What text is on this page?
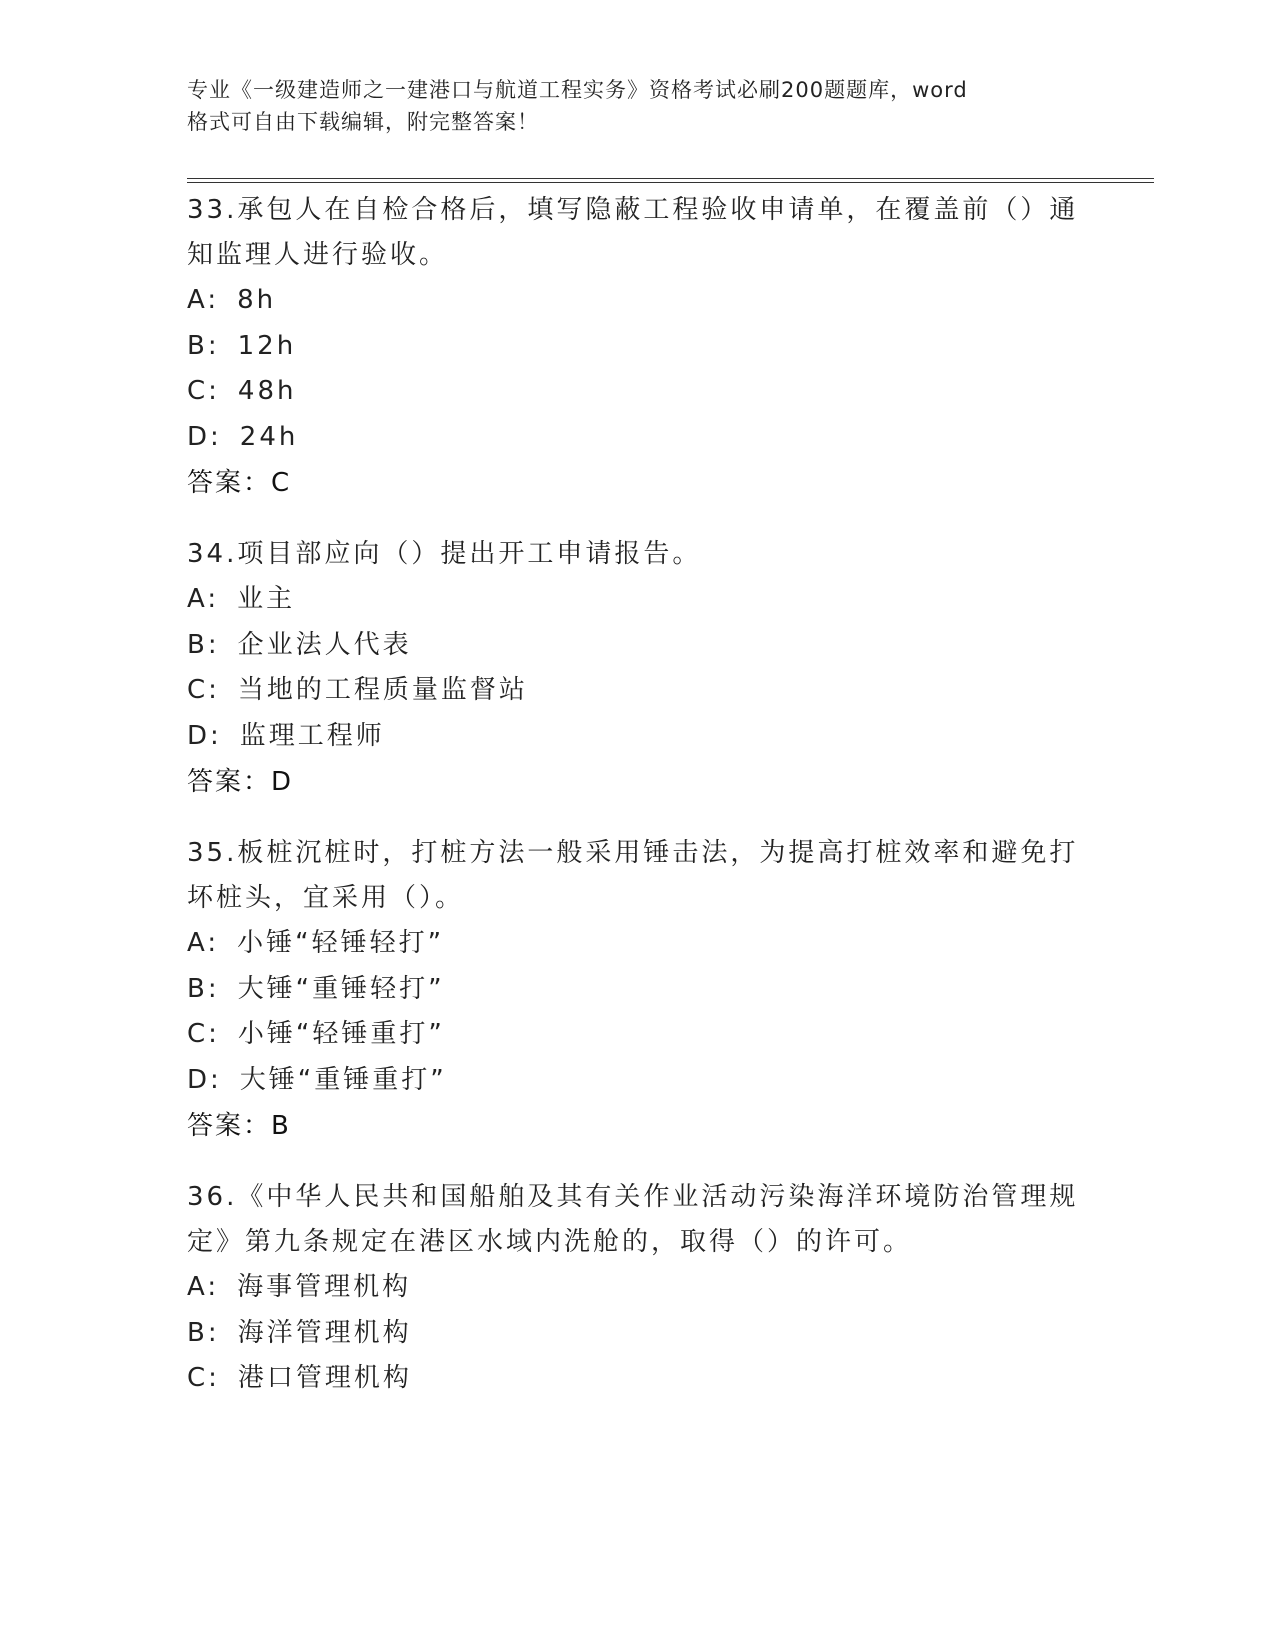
专业《一级建造师之一建港口与航道工程实务》资格考试必刷200题题库，word
格式可自由下载编辑，附完整答案！
33.承包人在自检合格后，填写隐蔽工程验收申请单，在覆盖前（）通
知监理人进行验收。
A: 8h
B: 12h
C: 48h
D: 24h
答案：C
34.项目部应向（）提出开工申请报告。
A: 业主
B: 企业法人代表
C: 当地的工程质量监督站
D: 监理工程师
答案：D
35.板桩沉桩时，打桩方法一般采用锤击法，为提高打桩效率和避免打
坏桩头，宜采用（）。
A: 小锤“轻锤轻打”
B: 大锤“重锤轻打”
C: 小锤“轻锤重打”
D: 大锤“重锤重打”
答案：B
36.《中华人民共和国船舶及其有关作业活动污染海洋环境防治管理规
定》第九条规定在港区水域内洗舱的，取得（）的许可。
A: 海事管理机构
B: 海洋管理机构
C: 港口管理机构
